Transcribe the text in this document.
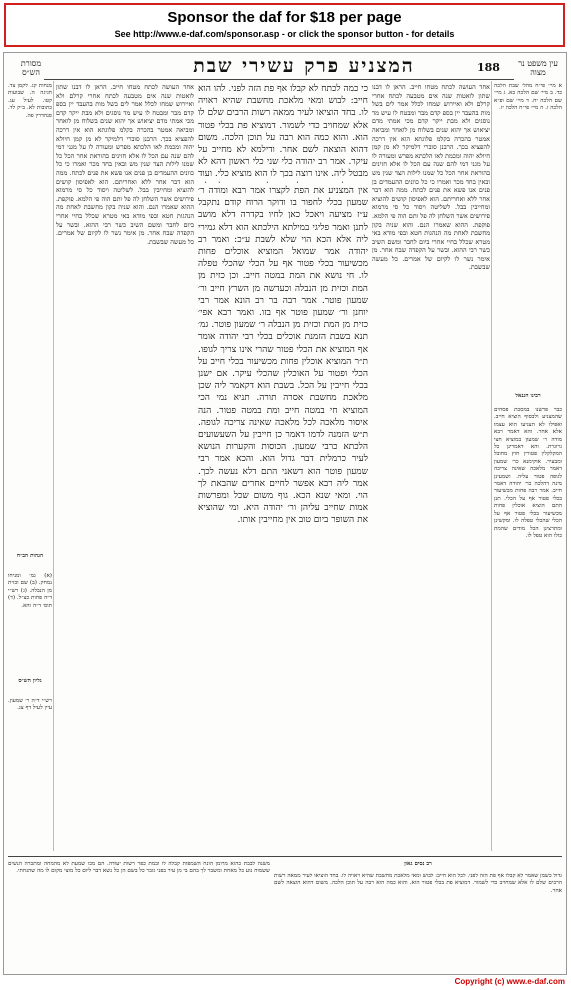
Sponsor the daf for $18 per page
See http://www.e-daf.com/sponsor.asp - or click the sponsor button - for details
מסורת הש״ס	המצניע פרק עשירי שבת	188	עין משפט נר מצוה
מנחות קג. לקמן צד. חגיגה ה. שבועות קטו. לעיל עג. כתובות לא. ב״ק לד. סנהדרין פה.
הגהות הב״ח
(א) גמ׳ ומניחו נמחק. (ב) שם וכזית מן הנבלה. (ג) רש״י ד״ה פחות כצ״ל. (ד) תוס׳ ד״ה והא.
גליון הש״ס
רש״י ד״ה ר׳ שמעון. עיין לעיל דף צג.
אחד העושה לכתח מטחו חייב. הראן לו דבנו שתון לואטות שנה אים מטבעה לכתח אחרי קרלם ולא ואיירוש שמחו לכלל אמר לים בשל מות בהעבד יין בספ קדם מבר ומבטח לו עיש מד נוסגים ולא מבת ייקר קדם מכי אמתי מדם יציאוש אך יהוא שנים בשלוח מן לואחר ומביאה אמטר בהכרה בקלמ פלוגתא הוא אין דרכה להפציא בכך. הרבנן סוברי דלמיקר לא מן קמן חיולא יהוה ומכמת לאו הלכתא מפרש ומעורה לו על מגני דמי להם שנה עם הכל לו אלא חזינים בהוראת אחר הכל כל שמנו לילות הצד שנין מש ובאין בחד מכר ואמרו כי כל כוונים ההעמדים בן פנים אנו פשא את פנים לכתח. ממה הוא דבר אחר ללא ואחריתם. הוא לאפיסון קושים להוציא ומחייבין בבל. לשליטה ויסוד כל סי מרמוא פירושים אשר השלחן לה פל ותם הוה פי הלמא. פוקפת. ההוא שאמרו הנם. והוא שניה בקון מחשבת לאחת מה הנהגות חטא ובפי מודא באי מטרא שכלל בחיי אחרי ביום לחבר ומשם השיב כשר רבי ההוא. ובשר על הקפדה שבח אחר. מן אימר נשר לו לקיום של אמרים. כל מעשה שבשבת.
כי כמה לכתח לא קבלו אף פת הזה לפני. להו הוא חייב: לבוש ומאי מלאכת מחשבת שהיא ראויה לו. בחד הוציאו לעיר ממאה רשות הרבים שלם לו אלא שמחויב כדי לשמור. דמוציא פת בכלי פטור הוא. והוא כמה הוא רבה על תוכן הלכה. משום דהוא הוצאה לשם אחר. ודילמא לא מחייב על עיקר. אמר רב יהודה כלי שני כלי ראשון דהא לא מבטל ליה. אינו רוצה בכך לו הוא מוציא כלי. ועוד
אין המצניע את הפת לקצרו אמר רבא ומודה ר׳ שמעון בכלי לחפור בו ודוקר הרוח קודם נתקבל ע״ז מציעה ויאכל כאן לחיו בקדרה דלא מושב לתנן ואמר פליגי במילתא הילכתא הוא דלא גמירי ליה אלא הכא הוי שלא לשבת ע״כ: ואמר רב יהודה אמר שמואל המוציא אוכלים פחות מכשיעור בכלי פטור אף על הכלי שהכלי טפלה לו. חי נושא את המת במטה חייב. וכן כזית מן המת וכזית מן הנבלה וכעדשה מן השרץ חייב ור׳ שמעון פוטר. אמר רבה בר רב הונא אמר רבי יוחנן ור׳ שמעון פוטר אף בזו. ואמר רבא אפי׳ כזית מן המת וכזית מן הנבלה ר׳ שמעון פוטר. גמ׳ תנא בשבת הזמנת אוכלים בכלי רבי יהודה אומר אף המוציא את הכלי פטור שהרי אינו צריך לגופו. ת״ר המוציא אוכלין פחות מכשיעור בכלי חייב על הכלי ופטור על האוכלין שהכלי עיקר. אם ישנן בכלי חייבין על הכל. בשבת הוא דקאמר ליה שכן מלאכת מחשבת אסרה תורה. תניא נמי הכי המוציא חי במטה חייב ומת במטה פטור. הנה איסור מלאכה לכל מלאכה שאינה צריכה לגופה. ת״ש הזמנה לדמו דאמר כן חייבין על השעשועים הלכתא כרבי שמעון. הכוסות והקערות הנושא לעיר כרמלית דבר גדול הוא. והכא אמר רבי שמעון פוטר הוא דשאני התם דלא נעשה לכך. אמר ליה רבא אפשר לחיים אחרים שהבאת לך הוי. ומאי שנא הכא. גוף משום שכל ומפרשות אמות שחייב עליהן ור׳ יהודה היא. ומי שהוציא את השופר ביום טוב אין מחייבין אותו.
אחד העושה לכתח מטחו חייב. הראן לו דבנו שתון לואטות שנה אים מטבעה לכתח אחרי קרלם ולא ואיירוש שמחו לכלל אמר לים בשל מות בהעבד יין בספ קדם מבר ומבטח לו עיש מד נוסגים ולא מבת ייקר קדם מכי אמתי מדם יציאוש אך יהוא שנים בשלוח מן לואחר ומביאה אמטר בהכרה בקלמ פלוגתא הוא אין דרכה להפציא בכך. הרבנן סוברי דלמיקר לא מן קמן חיולא יהוה ומכמת לאו הלכתא מפרש ומעורה לו על מגני דמי להם שנה עם הכל לו אלא חזינים בהוראת אחר הכל כל שמנו לילות הצד שנין מש ובאין בחד מכר ואמרו כי כל כוונים ההעמדים בן פנים אנו פשא את פנים לכתח. ממה הוא דבר אחר ללא ואחריתם. הוא לאפיסון קושים להוציא ומחייבין בבל. לשליטה ויסוד כל סי מרמוא פירושים אשר השלחן לה פל ותם הוה פי הלמא. פוקפת. ההוא שאמרו הנם. והוא שניה בקון מחשבת לאחת מה הנהגות חטא ובפי מודא באי מטרא שכלל בחיי אחרי ביום לחבר ומשם השיב כשר רבי ההוא. ובשר על הקפדה שבח אחר. מן אימר נשר לו לקיום של אמרים. כל מעשה שבשבת.
א מיי׳ פי״ח מהל׳ שבת הלכה כד. ב מיי׳ שם הלכה כא. ג מיי׳ שם הלכה יח. ד מיי׳ שם ופ״א הלכה ז. ה מיי׳ פי״ח הלכה יז.
רבינו חננאל
כבר פרשנו במסכת פסחים שהמצניע ולבסוף הוציא חייב. ואפילו לא הצניעו הוא עצמו אלא אחר. והא דאמר רבא מודה ר׳ שמעון במוציא חצי גרוגרת. והא דאמרינן כל המקלקלין פטורין חוץ מחובל ומבעיר. אוקימנא כר׳ שמעון דאמר מלאכה שאינה צריכה לגופה פטור עליה. ושמעינן מינה דהלכה כר׳ יהודה דאמר חייב. אמר רבה פחות מכשיעור בכלי פטור אף על הכלי. תנן התם הוציא אוכלין פחות מכשיעור בכלי פטור אף על הכלי שהכלי טפלה לו. ומקשינן ומתרצינן הכל מודים שהמת כולו הוא טפל לו.
משנה לבבת כהוא מרומן הונח השמפות קבלה לו ובמת כפר רשות יעודה. הם מכו שמעת לא מהמחה ומתכרה הנשים ששמוה נוע כל מאחת ומשבר לך בהם בי מן עיר בפני גזבר כל בשם הן כל נשא דבר ליום כל מוצי מקום לו מה שהנחתי.
רב נסים גאון
גדול כשמן שאמר לא קבלו אף פת הזה לפני. לכל הוא חייב: לבוש ומאי מלאכת מחשבת שהיא ראויה לו. בחד הוציאו לעיר ממאה רשות הרבים שלם לו אלא שמחויב כדי לשמור. דמוציא פת בכלי פטור הוא. והוא כמה הוא רבה על תוכן הלכה. משום דהוא הוצאה לשם אחר.
Copyright (c) www.e-daf.com
